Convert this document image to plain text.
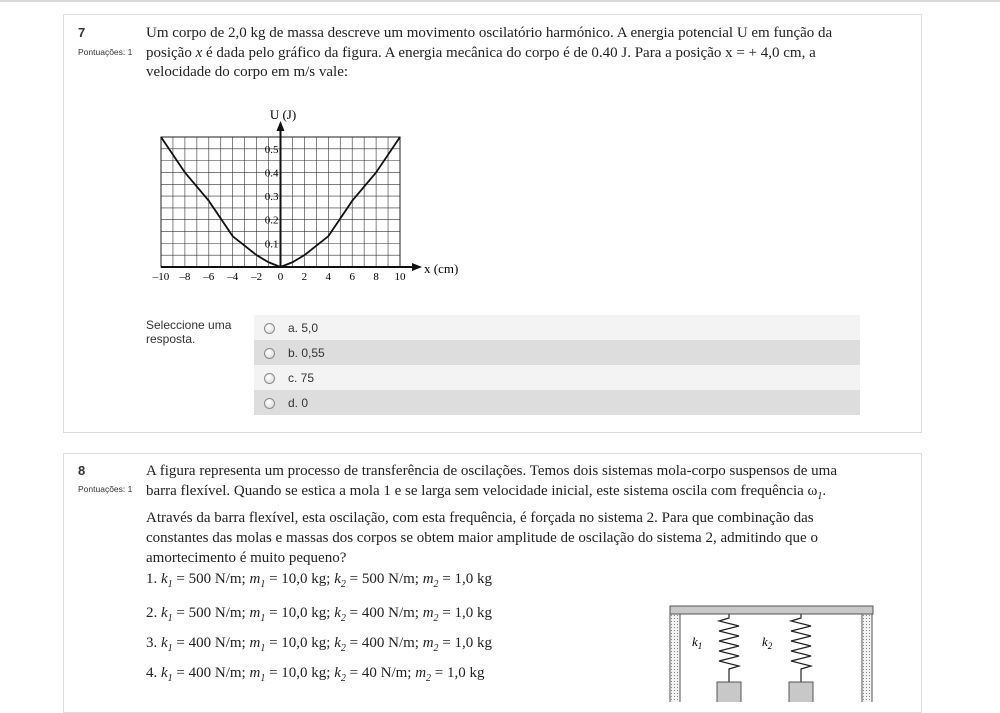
7
Pontuações: 1
Um corpo de 2,0 kg de massa descreve um movimento oscilatório harmónico. A energia potencial U em função da
posição x é dada pelo gráfico da figura. A energia mecânica do corpo é de 0.40 J. Para a posição x = + 4,0 cm, a
velocidade do corpo em m/s vale:
–10 –8 –6 –4 –2 0 2 4 6 8 10
0.1
0.2
0.3
0.4
0.5
U (J)
x (cm)
Seleccione uma resposta.
a. 5,0
b. 0,55
c. 75
d. 0
8
Pontuações: 1
A figura representa um processo de transferência de oscilações. Temos dois sistemas mola-corpo suspensos de uma
barra flexível. Quando se estica a mola 1 e se larga sem velocidade inicial, este sistema oscila com frequência $\omega_1$.
Através da barra flexível, esta oscilação, com esta frequência, é forçada no sistema 2. Para que combinação das
constantes das molas e massas dos corpos se obtem maior amplitude de oscilação do sistema 2, admitindo que o
amortecimento é muito pequeno?
1. $k_1 = 500$ N/m; $m_1 = 10,0$ kg; $k_2 = 500$ N/m; $m_2 = 1,0$ kg
2. $k_1 = 500$ N/m; $m_1 = 10,0$ kg; $k_2 = 400$ N/m; $m_2 = 1,0$ kg
3. $k_1 = 400$ N/m; $m_1 = 10,0$ kg; $k_2 = 400$ N/m; $m_2 = 1,0$ kg
4. $k_1 = 400$ N/m; $m_1 = 10,0$ kg; $k_2 = 40$ N/m; $m_2 = 1,0$ kg
$k_1$	$k_2$
